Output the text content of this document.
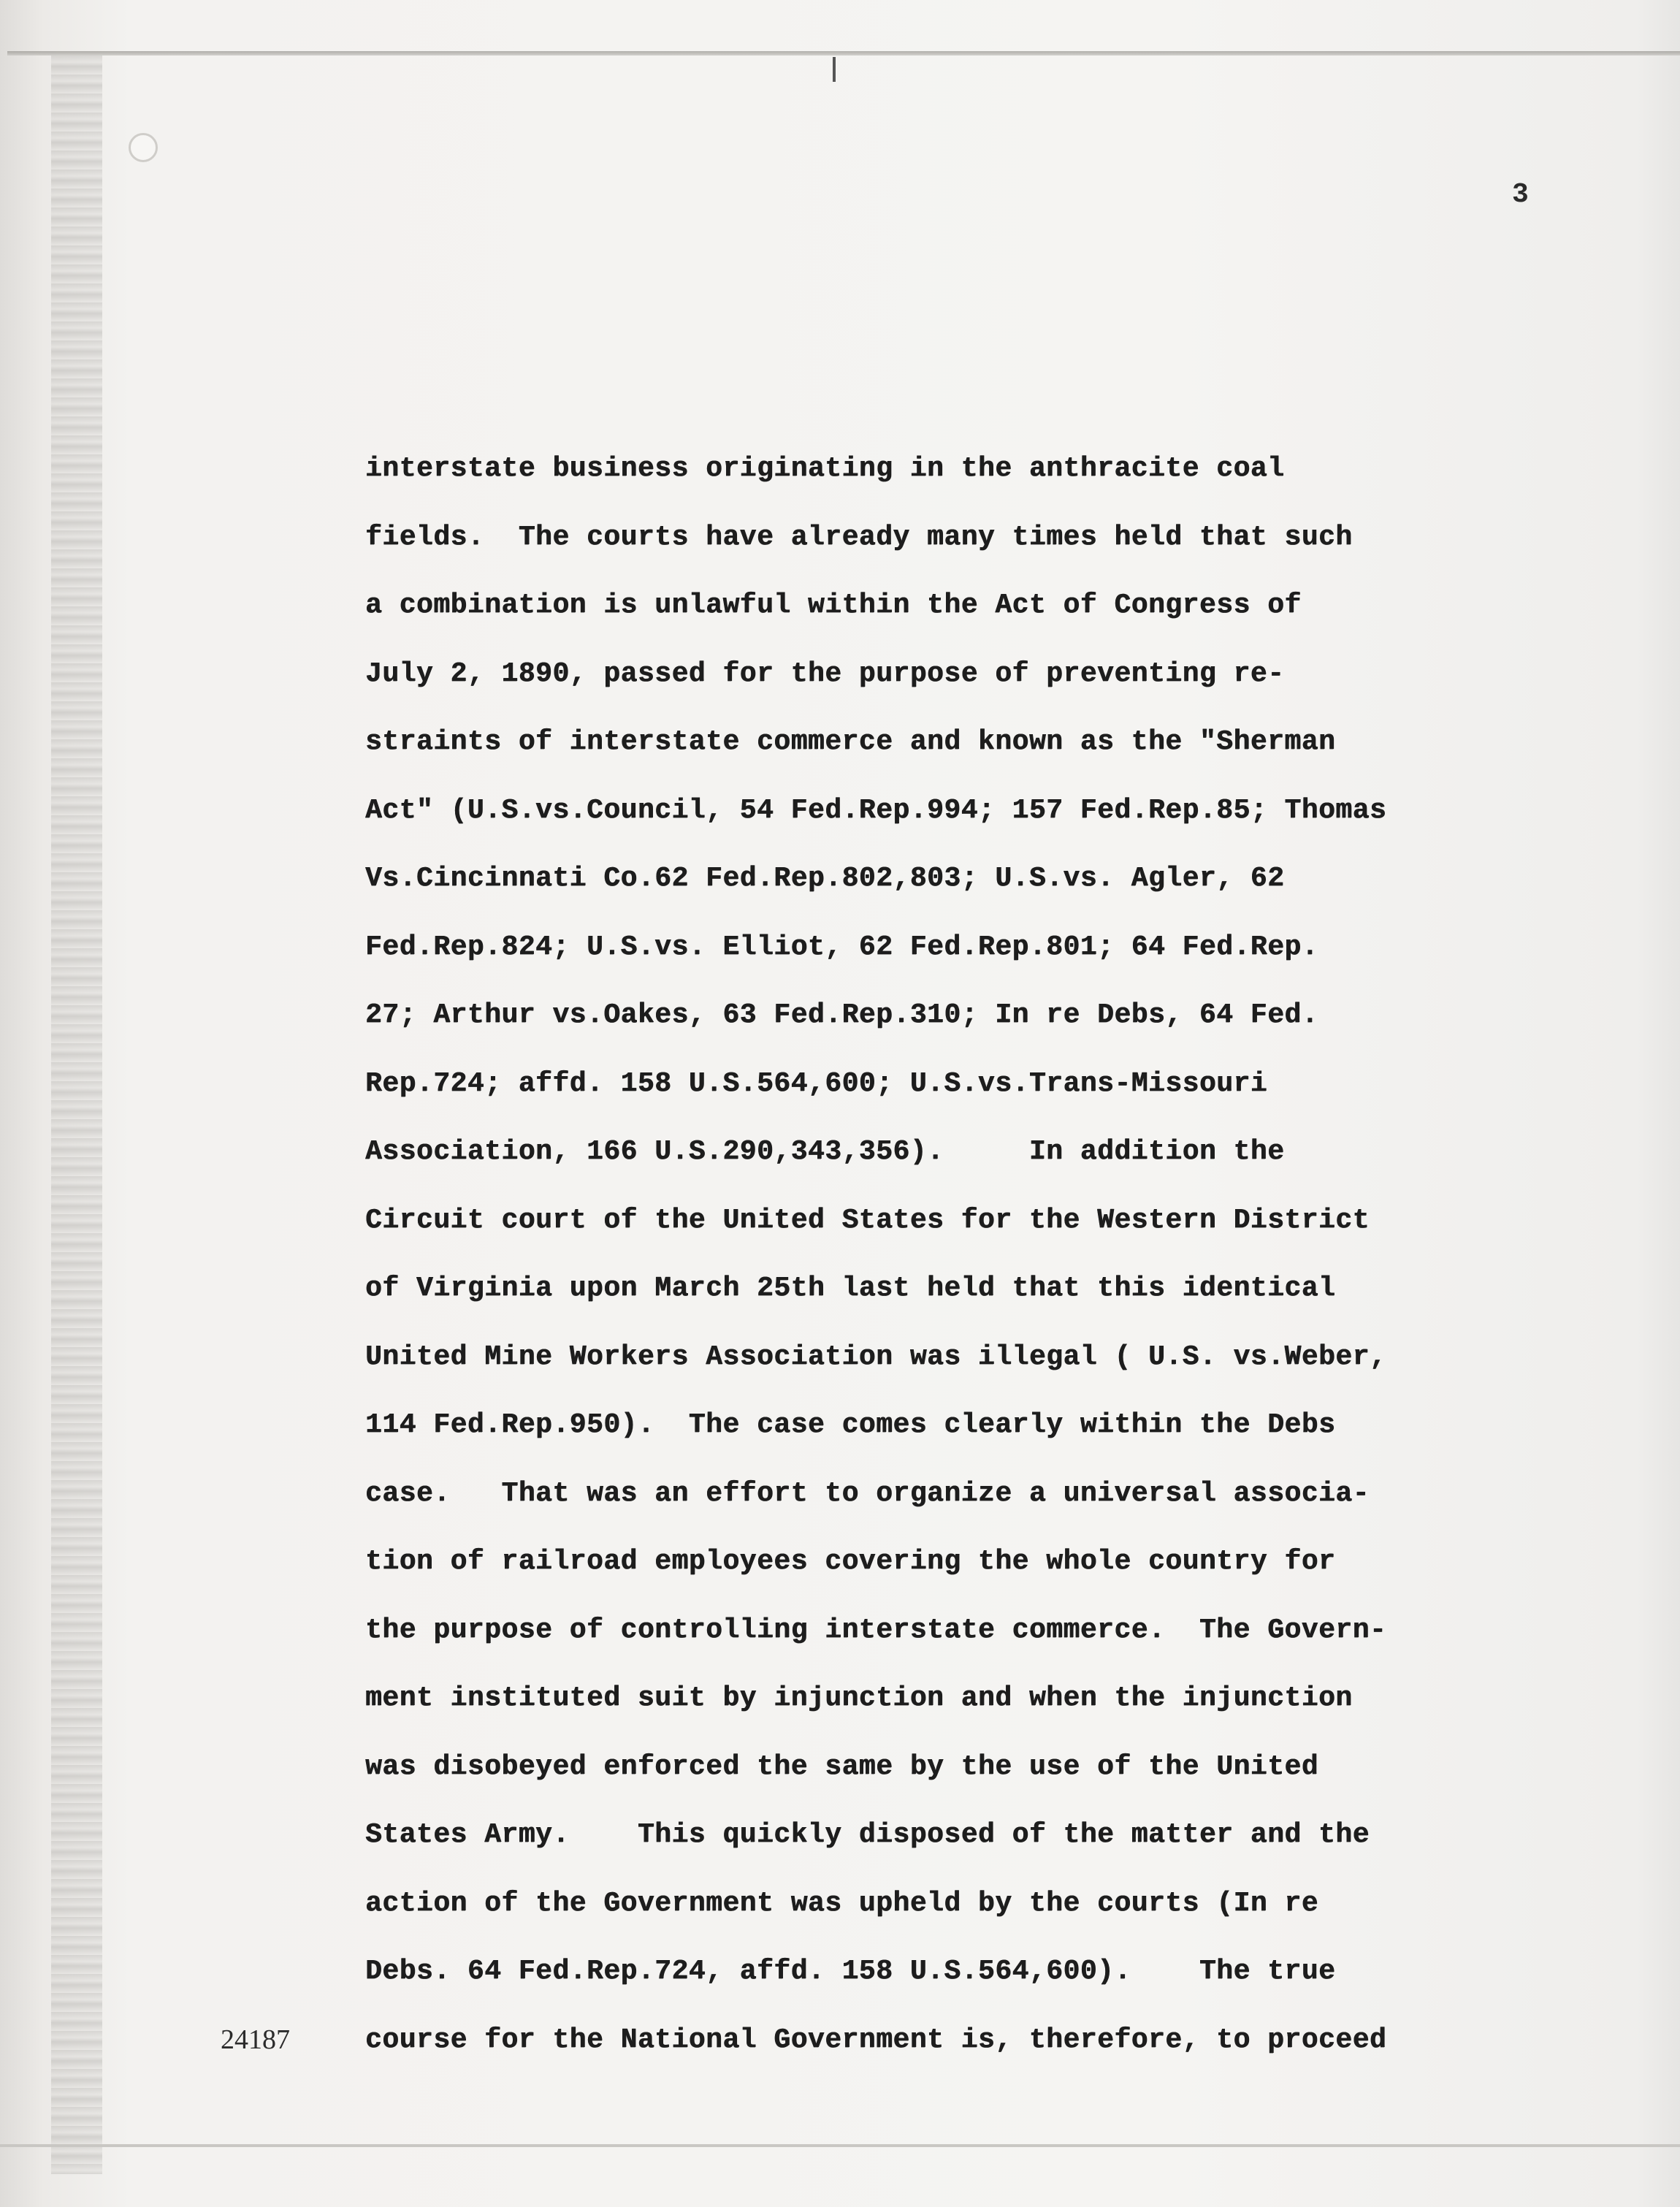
3
interstate business originating in the anthracite coal
fields.  The courts have already many times held that such
a combination is unlawful within the Act of Congress of
July 2, 1890, passed for the purpose of preventing re-
straints of interstate commerce and known as the "Sherman
Act" (U.S.vs.Council, 54 Fed.Rep.994; 157 Fed.Rep.85; Thomas
Vs.Cincinnati Co.62 Fed.Rep.802,803; U.S.vs. Agler, 62
Fed.Rep.824; U.S.vs. Elliot, 62 Fed.Rep.801; 64 Fed.Rep.
27; Arthur vs.Oakes, 63 Fed.Rep.310; In re Debs, 64 Fed.
Rep.724; affd. 158 U.S.564,600; U.S.vs.Trans-Missouri
Association, 166 U.S.290,343,356).     In addition the
Circuit court of the United States for the Western District
of Virginia upon March 25th last held that this identical
United Mine Workers Association was illegal ( U.S. vs.Weber,
114 Fed.Rep.950).  The case comes clearly within the Debs
case.   That was an effort to organize a universal associa-
tion of railroad employees covering the whole country for
the purpose of controlling interstate commerce.  The Govern-
ment instituted suit by injunction and when the injunction
was disobeyed enforced the same by the use of the United
States Army.    This quickly disposed of the matter and the
action of the Government was upheld by the courts (In re
Debs. 64 Fed.Rep.724, affd. 158 U.S.564,600).    The true
course for the National Government is, therefore, to proceed
24187
